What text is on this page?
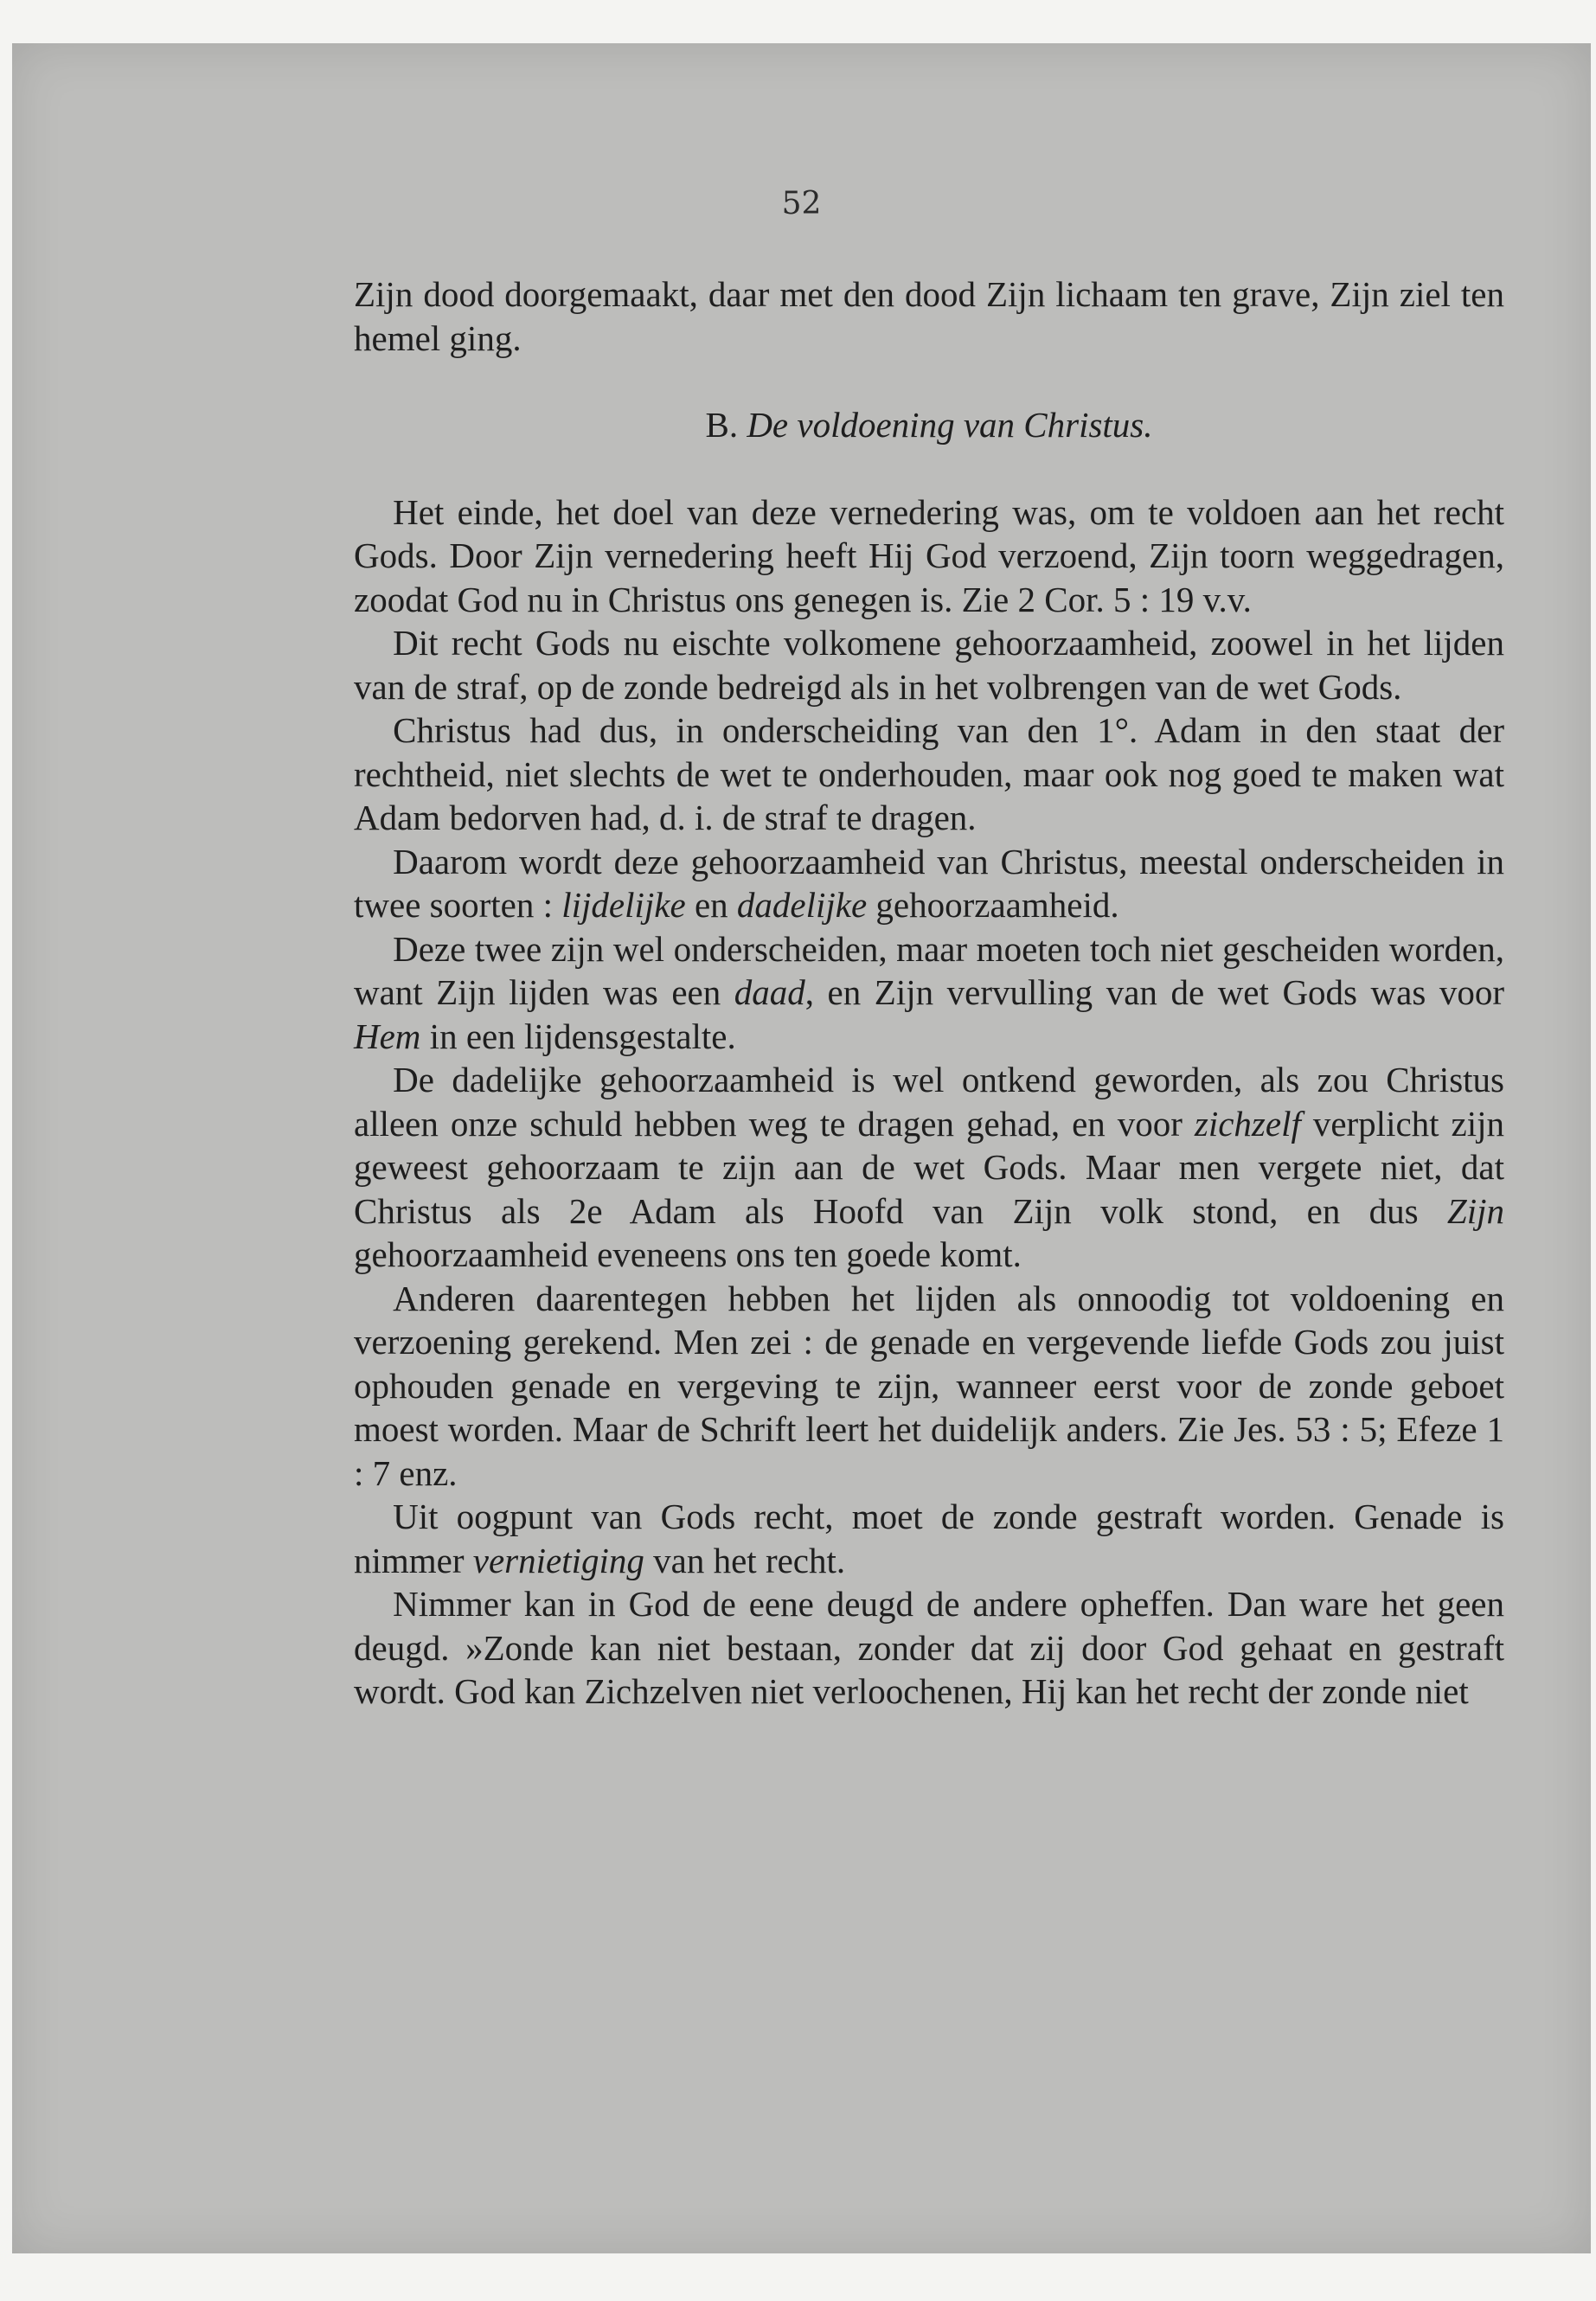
52

Zijn dood doorgemaakt, daar met den dood Zijn lichaam ten grave, Zijn ziel ten hemel ging.

B. De voldoening van Christus.

Het einde, het doel van deze vernedering was, om te voldoen aan het recht Gods. Door Zijn vernedering heeft Hij God verzoend, Zijn toorn weggedragen, zoodat God nu in Christus ons genegen is. Zie 2 Cor. 5 : 19 v.v.

Dit recht Gods nu eischte volkomene gehoorzaamheid, zoowel in het lijden van de straf, op de zonde bedreigd als in het volbrengen van de wet Gods.

Christus had dus, in onderscheiding van den 1°. Adam in den staat der rechtheid, niet slechts de wet te onderhouden, maar ook nog goed te maken wat Adam bedorven had, d. i. de straf te dragen.

Daarom wordt deze gehoorzaamheid van Christus, meestal onderscheiden in twee soorten : lijdelijke en dadelijke gehoorzaamheid.

Deze twee zijn wel onderscheiden, maar moeten toch niet gescheiden worden, want Zijn lijden was een daad, en Zijn vervulling van de wet Gods was voor Hem in een lijdensgestalte.

De dadelijke gehoorzaamheid is wel ontkend geworden, als zou Christus alleen onze schuld hebben weg te dragen gehad, en voor zichzelf verplicht zijn geweest gehoorzaam te zijn aan de wet Gods. Maar men vergete niet, dat Christus als 2e Adam als Hoofd van Zijn volk stond, en dus Zijn gehoorzaamheid eveneens ons ten goede komt.

Anderen daarentegen hebben het lijden als onnoodig tot voldoening en verzoening gerekend. Men zei : de genade en vergevende liefde Gods zou juist ophouden genade en vergeving te zijn, wanneer eerst voor de zonde geboet moest worden. Maar de Schrift leert het duidelijk anders. Zie Jes. 53 : 5; Efeze 1 : 7 enz.

Uit oogpunt van Gods recht, moet de zonde gestraft worden. Genade is nimmer vernietiging van het recht.

Nimmer kan in God de eene deugd de andere opheffen. Dan ware het geen deugd. »Zonde kan niet bestaan, zonder dat zij door God gehaat en gestraft wordt. God kan Zichzelven niet verloochenen, Hij kan het recht der zonde niet
